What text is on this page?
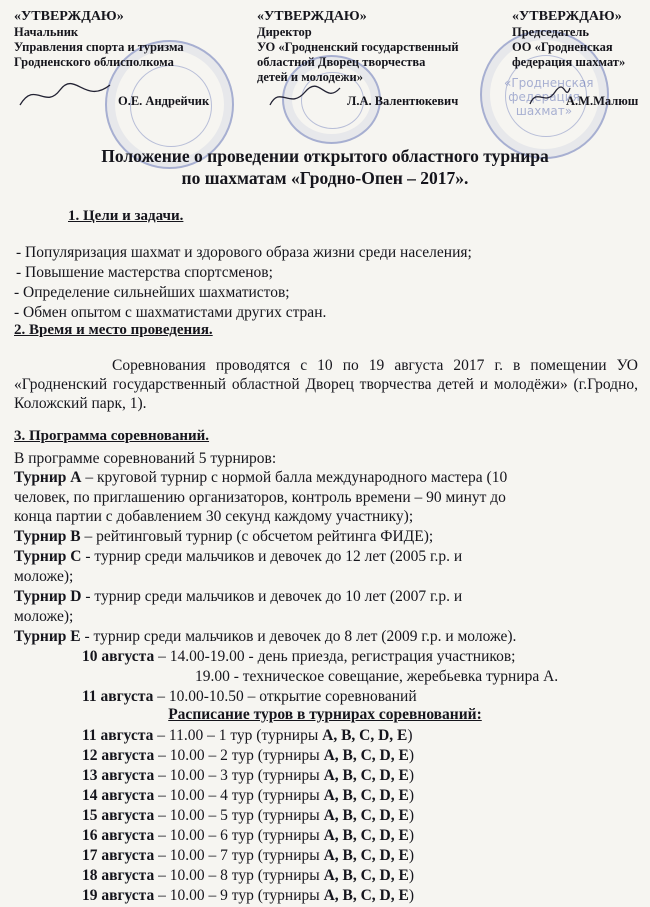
«Гродненская федерация шахмат»
«УТВЕРЖДАЮ»
Начальник
Управления спорта и туризма
Гродненского облисполкома
О.Е. Андрейчик
«УТВЕРЖДАЮ»
Директор
УО «Гродненский государственный
областной Дворец творчества
детей и молодежи»
Л.А. Валентюкевич
«УТВЕРЖДАЮ»
Председатель
ОО «Гродненская
федерация шахмат»
А.М.Малюш
Положение о проведении открытого областного турнира
по шахматам «Гродно-Опен – 2017».
1. Цели и задачи.
- Популяризация шахмат и здорового образа жизни среди населения;
- Повышение мастерства спортсменов;
- Определение сильнейших шахматистов;
- Обмен опытом с шахматистами других стран.
2. Время и место проведения.
Соревнования проводятся с 10 по 19 августа 2017 г. в помещении УО «Гродненский государственный областной Дворец творчества детей и молодёжи» (г.Гродно, Коложский парк, 1).
3. Программа соревнований.
В программе соревнований 5 турниров:
Турнир А – круговой турнир с нормой балла международного мастера (10
человек, по приглашению организаторов, контроль времени – 90 минут до
конца партии с добавлением 30 секунд каждому участнику);
Турнир В – рейтинговый турнир (с обсчетом рейтинга ФИДЕ);
Турнир С - турнир среди мальчиков и девочек до 12 лет (2005 г.р. и
моложе);
Турнир D - турнир среди мальчиков и девочек до 10 лет (2007 г.р. и
моложе);
Турнир Е - турнир среди мальчиков и девочек до 8 лет (2009 г.р. и моложе).
10 августа – 14.00-19.00 - день приезда, регистрация участников;
19.00 - техническое совещание, жеребьевка турнира А.
11 августа – 10.00-10.50 – открытие соревнований
Расписание туров в турнирах соревнований:
11 августа – 11.00 – 1 тур (турниры А, В, С, D, Е)
12 августа – 10.00 – 2 тур (турниры А, В, С, D, Е)
13 августа – 10.00 – 3 тур (турниры А, В, С, D, Е)
14 августа – 10.00 – 4 тур (турниры А, В, С, D, Е)
15 августа – 10.00 – 5 тур (турниры А, В, С, D, Е)
16 августа – 10.00 – 6 тур (турниры А, В, С, D, Е)
17 августа – 10.00 – 7 тур (турниры А, В, С, D, Е)
18 августа – 10.00 – 8 тур (турниры А, В, С, D, Е)
19 августа – 10.00 – 9 тур (турниры А, В, С, D, Е)
